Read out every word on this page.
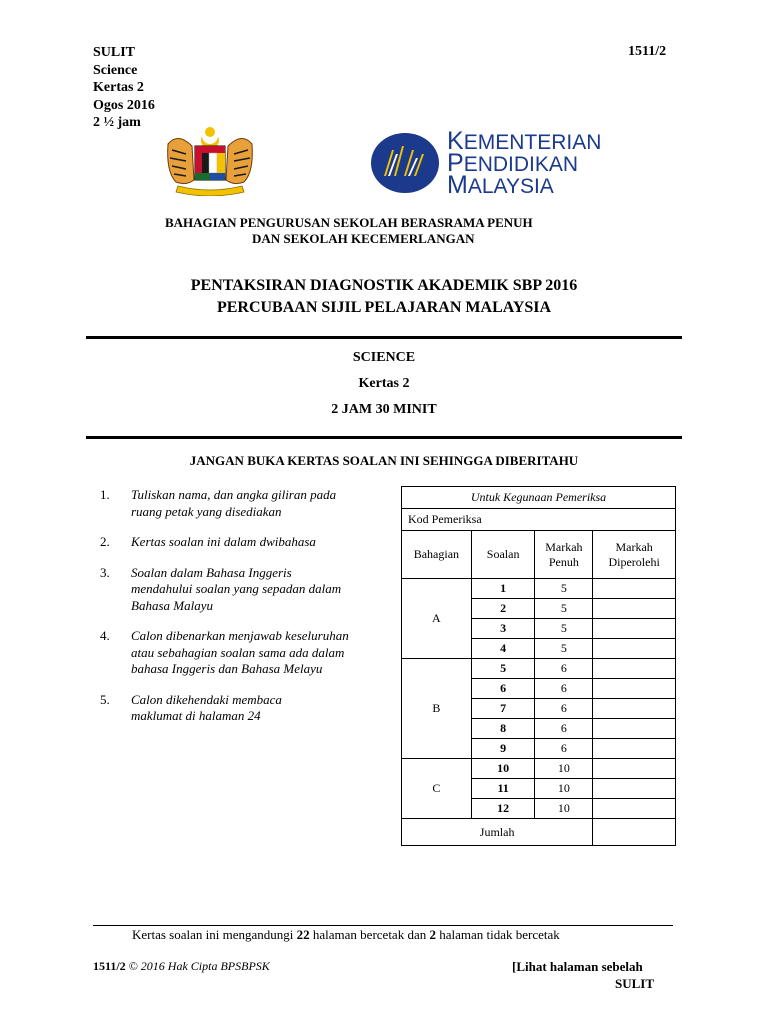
SULIT
Science
Kertas 2
Ogos 2016
2 ½ jam
1511/2
KEMENTERIAN
PENDIDIKAN
MALAYSIA
BAHAGIAN PENGURUSAN SEKOLAH BERASRAMA PENUH
DAN SEKOLAH KECEMERLANGAN
PENTAKSIRAN DIAGNOSTIK AKADEMIK SBP 2016
PERCUBAAN SIJIL PELAJARAN MALAYSIA
SCIENCE
Kertas 2
2 JAM 30 MINIT
JANGAN BUKA KERTAS SOALAN INI SEHINGGA DIBERITAHU
1. Tuliskan nama, dan angka giliran pada ruang petak yang disediakan
2. Kertas soalan ini dalam dwibahasa
3. Soalan dalam Bahasa Inggeris mendahului soalan yang sepadan dalam Bahasa Malayu
4. Calon dibenarkan menjawab keseluruhan atau sebahagian soalan sama ada dalam bahasa Inggeris dan Bahasa Melayu
5. Calon dikehendaki membaca maklumat di halaman 24
Untuk Kegunaan Pemeriksa			
Kod Pemeriksa			
Bahagian	Soalan	Markah Penuh	Markah Diperolehi
A	1	5	
	2	5	
	3	5	
	4	5	
B	5	6	
	6	6	
	7	6	
	8	6	
	9	6	
C	10	10	
	11	10	
	12	10	
Jumlah			
Kertas soalan ini mengandungi 22 halaman bercetak dan 2 halaman tidak bercetak
1511/2 © 2016 Hak Cipta BPSBPSK	[Lihat halaman sebelah
SULIT
